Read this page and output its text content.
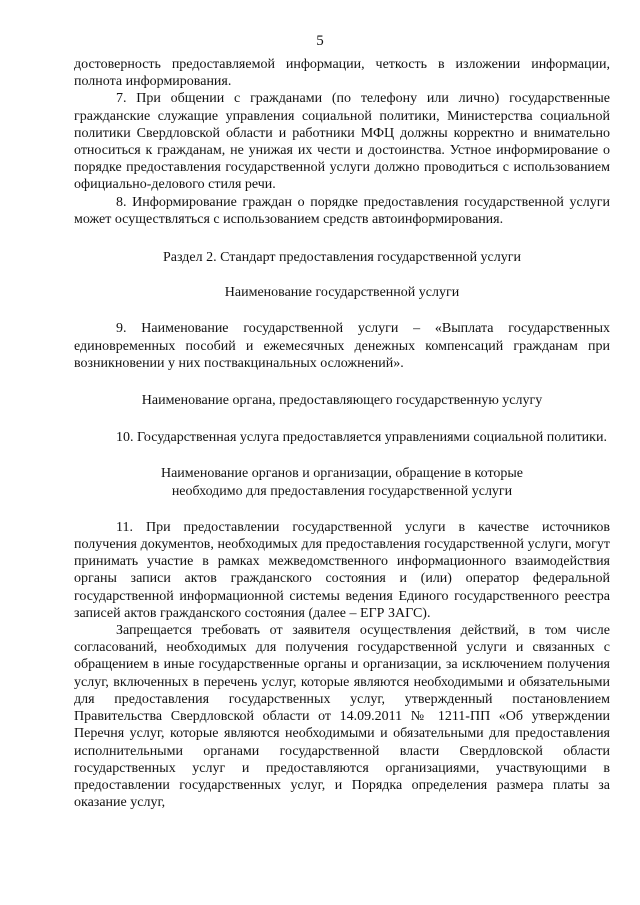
5

достоверность предоставляемой информации, четкость в изложении информации, полнота информирования.

7. При общении с гражданами (по телефону или лично) государственные гражданские служащие управления социальной политики, Министерства социальной политики Свердловской области и работники МФЦ должны корректно и внимательно относиться к гражданам, не унижая их чести и достоинства. Устное информирование о порядке предоставления государственной услуги должно проводиться с использованием официально-делового стиля речи.

8. Информирование граждан о порядке предоставления государственной услуги может осуществляться с использованием средств автоинформирования.

Раздел 2. Стандарт предоставления государственной услуги

Наименование государственной услуги

9. Наименование государственной услуги – «Выплата государственных единовременных пособий и ежемесячных денежных компенсаций гражданам при возникновении у них поствакцинальных осложнений».

Наименование органа, предоставляющего государственную услугу

10. Государственная услуга предоставляется управлениями социальной политики.

Наименование органов и организации, обращение в которые
необходимо для предоставления государственной услуги

11. При предоставлении государственной услуги в качестве источников получения документов, необходимых для предоставления государственной услуги, могут принимать участие в рамках межведомственного информационного взаимодействия органы записи актов гражданского состояния и (или) оператор федеральной государственной информационной системы ведения Единого государственного реестра записей актов гражданского состояния (далее – ЕГР ЗАГС).

Запрещается требовать от заявителя осуществления действий, в том числе согласований, необходимых для получения государственной услуги и связанных с обращением в иные государственные органы и организации, за исключением получения услуг, включенных в перечень услуг, которые являются необходимыми и обязательными для предоставления государственных услуг, утвержденный постановлением Правительства Свердловской области от 14.09.2011 № 1211-ПП «Об утверждении Перечня услуг, которые являются необходимыми и обязательными для предоставления исполнительными органами государственной власти Свердловской области государственных услуг и предоставляются организациями, участвующими в предоставлении государственных услуг, и Порядка определения размера платы за оказание услуг,
